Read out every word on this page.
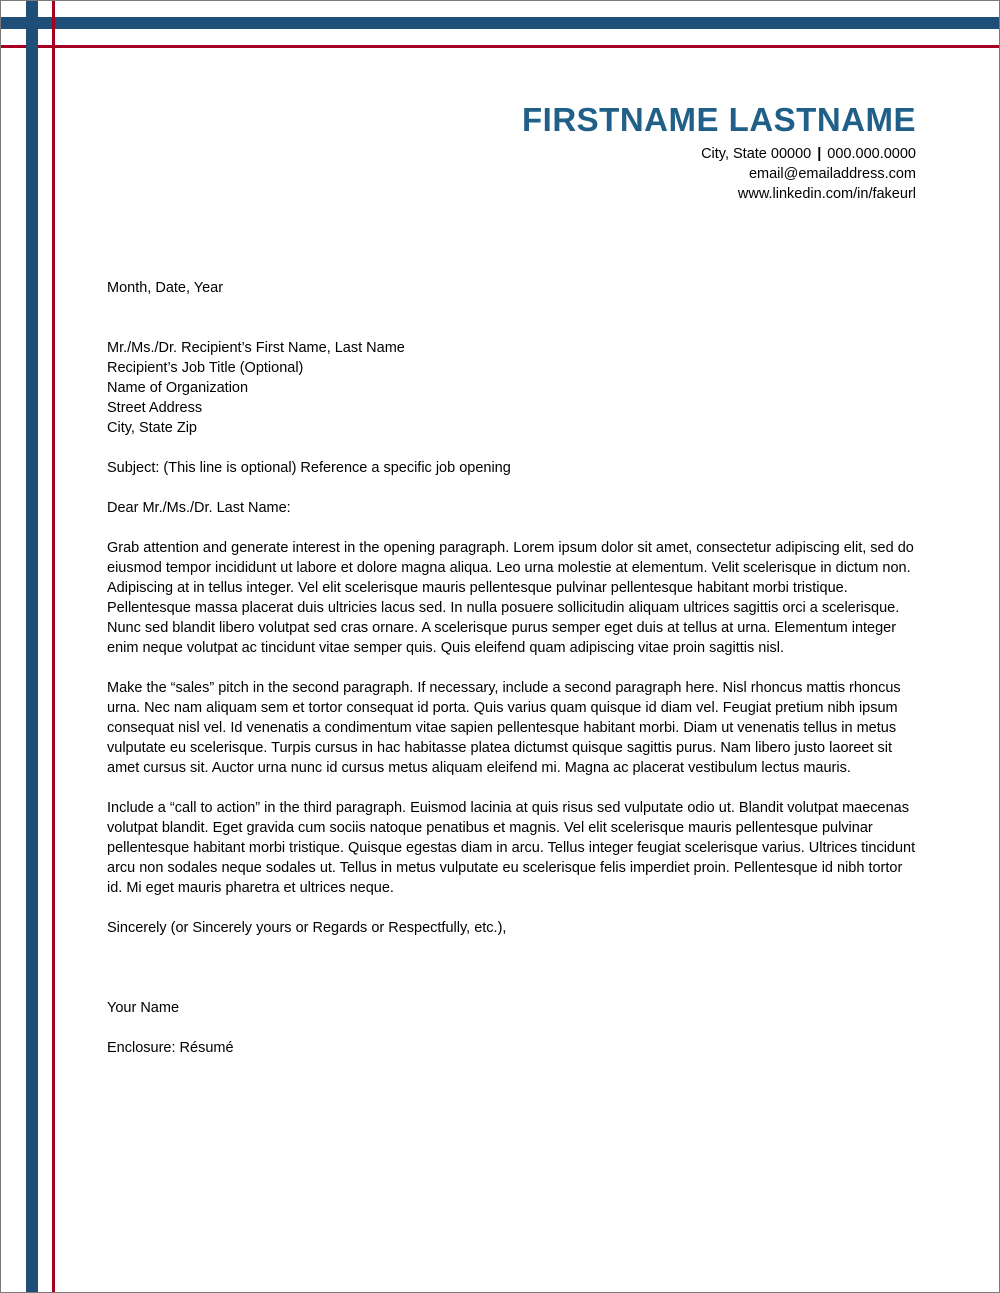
FIRSTNAME LASTNAME
City, State 00000 | 000.000.0000
email@emailaddress.com
www.linkedin.com/in/fakeurl

Month, Date, Year

Mr./Ms./Dr. Recipient’s First Name, Last Name

Recipient’s Job Title (Optional)

Name of Organization

Street Address

City, State Zip

Subject: (This line is optional) Reference a specific job opening

Dear Mr./Ms./Dr. Last Name:

Grab attention and generate interest in the opening paragraph. Lorem ipsum dolor sit amet, consectetur adipiscing elit, sed do eiusmod tempor incididunt ut labore et dolore magna aliqua. Leo urna molestie at elementum. Velit scelerisque in dictum non. Adipiscing at in tellus integer. Vel elit scelerisque mauris pellentesque pulvinar pellentesque habitant morbi tristique. Pellentesque massa placerat duis ultricies lacus sed. In nulla posuere sollicitudin aliquam ultrices sagittis orci a scelerisque. Nunc sed blandit libero volutpat sed cras ornare. A scelerisque purus semper eget duis at tellus at urna. Elementum integer enim neque volutpat ac tincidunt vitae semper quis. Quis eleifend quam adipiscing vitae proin sagittis nisl.

Make the “sales” pitch in the second paragraph. If necessary, include a second paragraph here. Nisl rhoncus mattis rhoncus urna. Nec nam aliquam sem et tortor consequat id porta. Quis varius quam quisque id diam vel. Feugiat pretium nibh ipsum consequat nisl vel. Id venenatis a condimentum vitae sapien pellentesque habitant morbi. Diam ut venenatis tellus in metus vulputate eu scelerisque. Turpis cursus in hac habitasse platea dictumst quisque sagittis purus. Nam libero justo laoreet sit amet cursus sit. Auctor urna nunc id cursus metus aliquam eleifend mi. Magna ac placerat vestibulum lectus mauris.

Include a “call to action” in the third paragraph. Euismod lacinia at quis risus sed vulputate odio ut. Blandit volutpat maecenas volutpat blandit. Eget gravida cum sociis natoque penatibus et magnis. Vel elit scelerisque mauris pellentesque pulvinar pellentesque habitant morbi tristique. Quisque egestas diam in arcu. Tellus integer feugiat scelerisque varius. Ultrices tincidunt arcu non sodales neque sodales ut. Tellus in metus vulputate eu scelerisque felis imperdiet proin. Pellentesque id nibh tortor id. Mi eget mauris pharetra et ultrices neque.

Sincerely (or Sincerely yours or Regards or Respectfully, etc.),

Your Name

Enclosure: Résumé
